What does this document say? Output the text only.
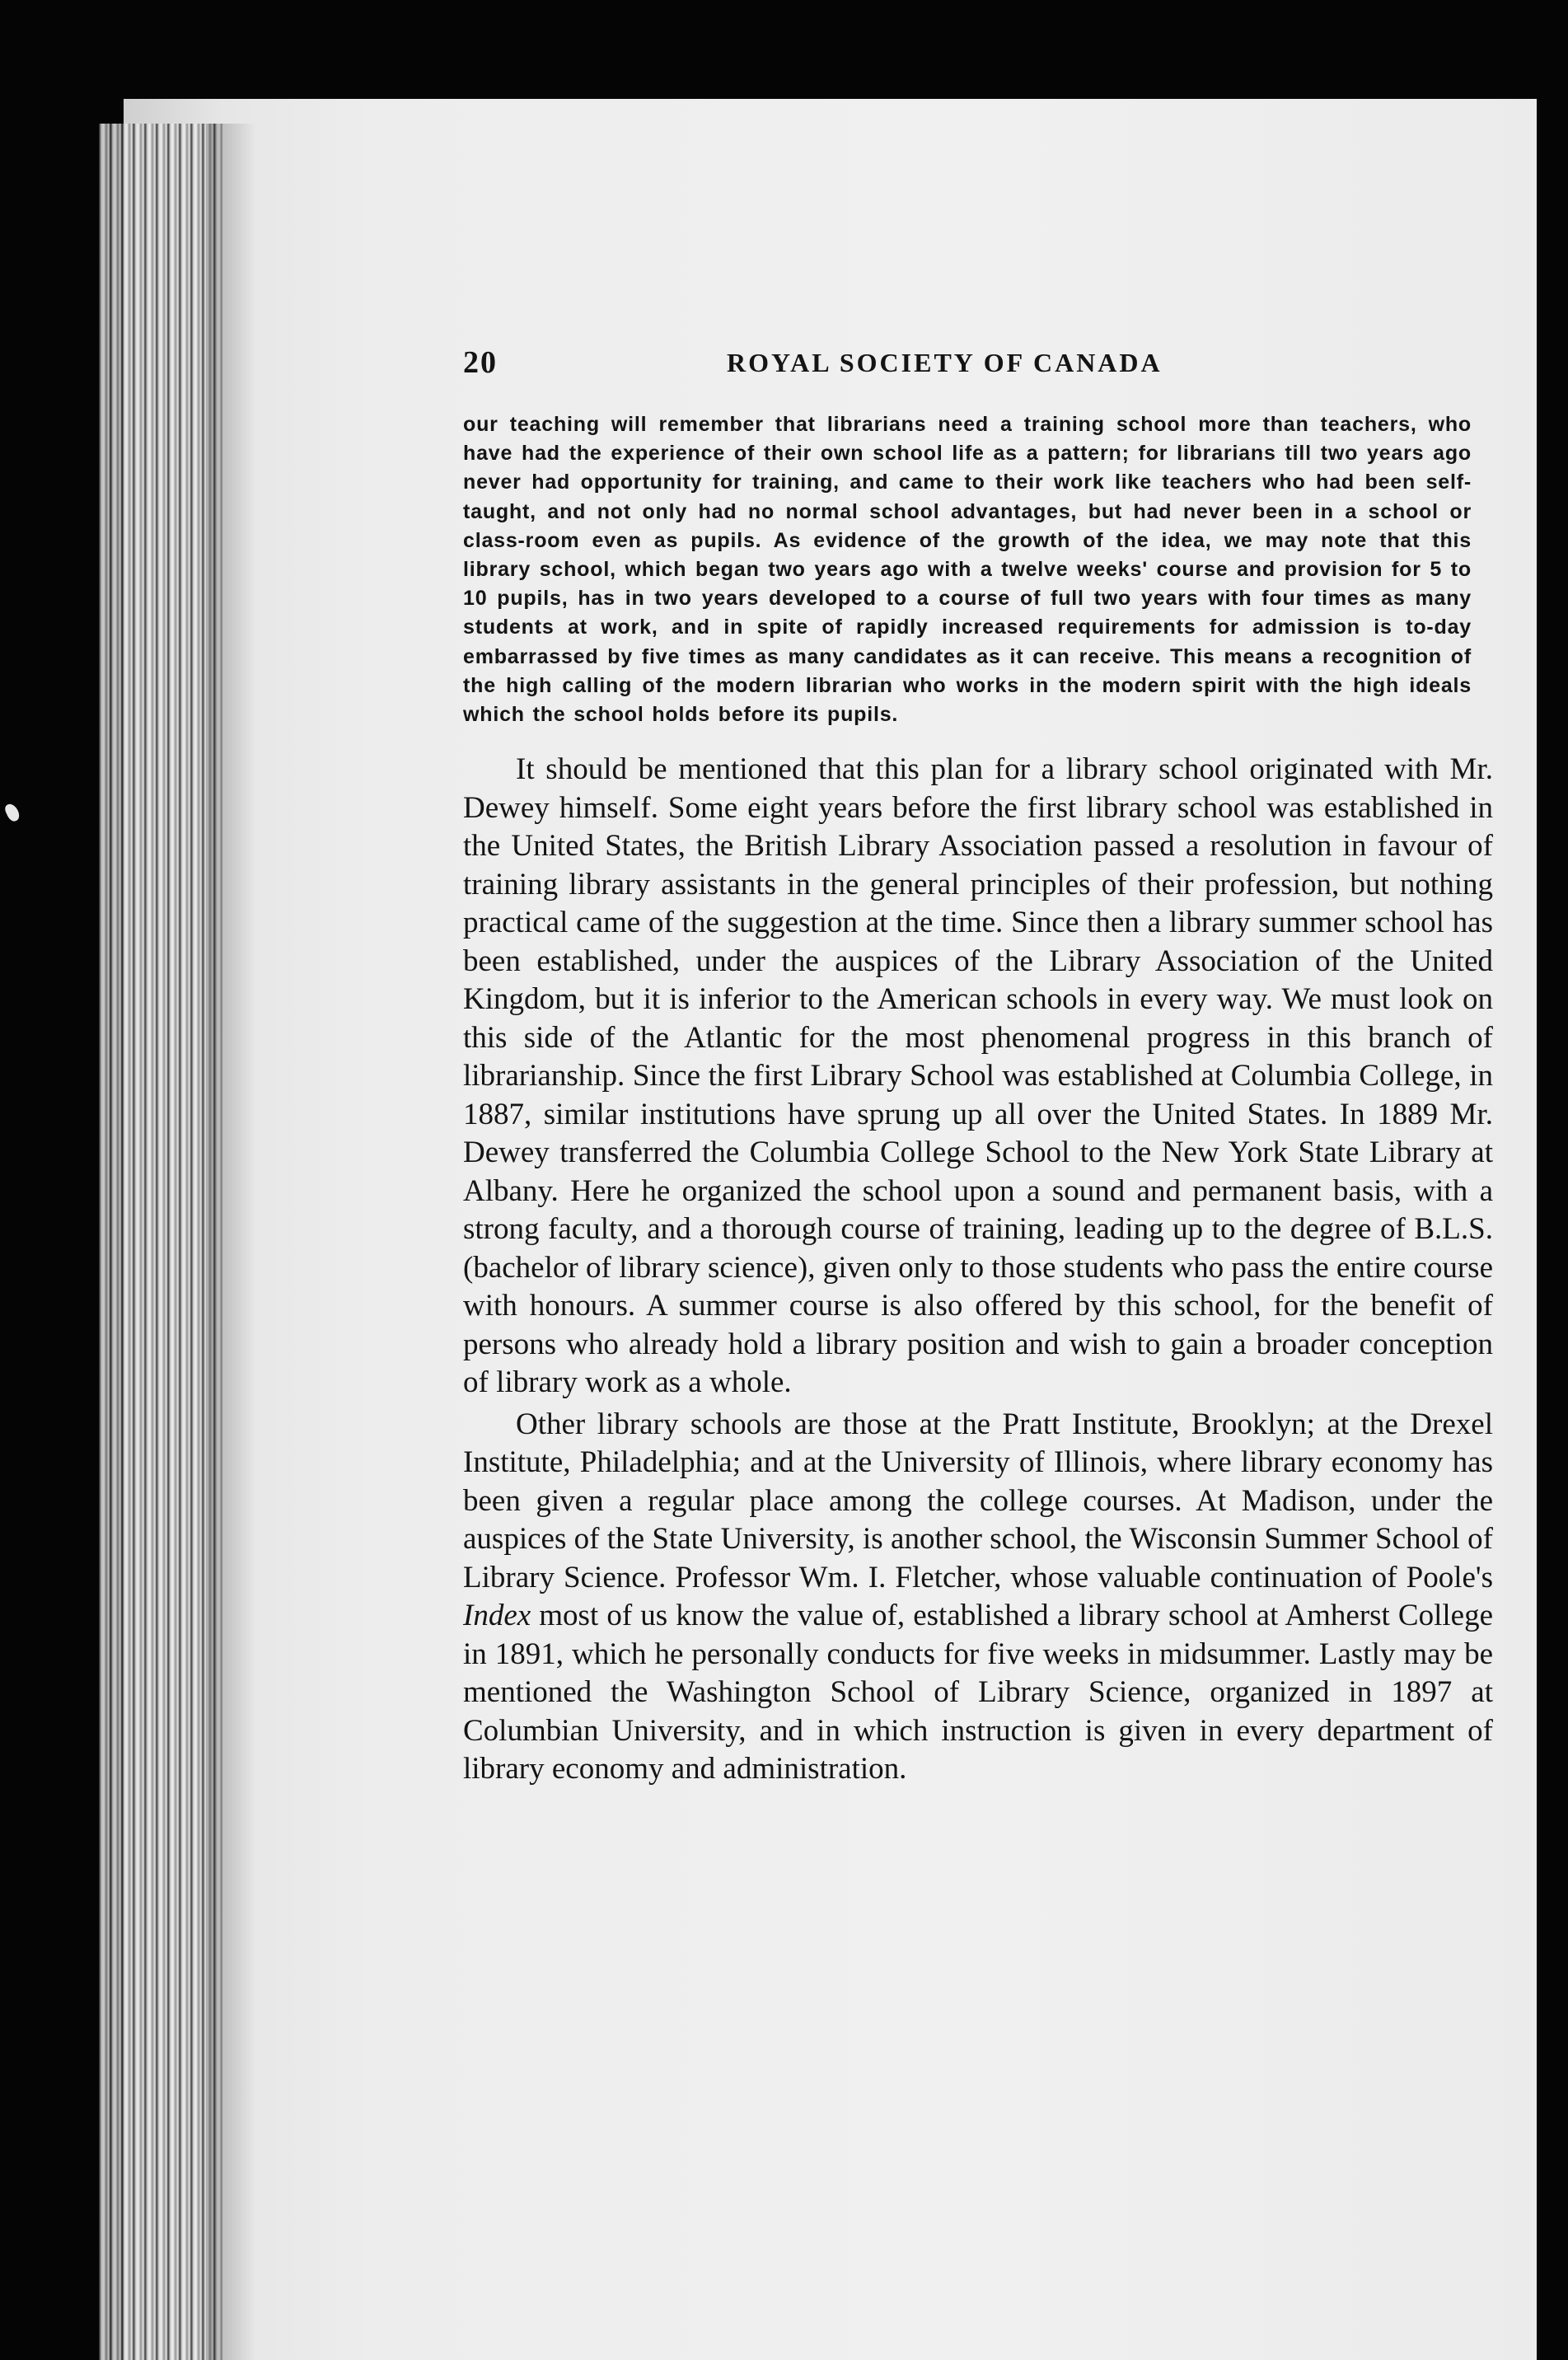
20	ROYAL SOCIETY OF CANADA
our teaching will remember that librarians need a training school more than teachers, who have had the experience of their own school life as a pattern; for librarians till two years ago never had opportunity for training, and came to their work like teachers who had been self-taught, and not only had no normal school advantages, but had never been in a school or class-room even as pupils. As evidence of the growth of the idea, we may note that this library school, which began two years ago with a twelve weeks' course and provision for 5 to 10 pupils, has in two years developed to a course of full two years with four times as many students at work, and in spite of rapidly increased requirements for admission is to-day embarrassed by five times as many candidates as it can receive. This means a recognition of the high calling of the modern librarian who works in the modern spirit with the high ideals which the school holds before its pupils.

It should be mentioned that this plan for a library school originated with Mr. Dewey himself. Some eight years before the first library school was established in the United States, the British Library Association passed a resolution in favour of training library assistants in the general principles of their profession, but nothing practical came of the suggestion at the time. Since then a library summer school has been established, under the auspices of the Library Association of the United Kingdom, but it is inferior to the American schools in every way. We must look on this side of the Atlantic for the most phenomenal progress in this branch of librarianship. Since the first Library School was established at Columbia College, in 1887, similar institutions have sprung up all over the United States. In 1889 Mr. Dewey transferred the Columbia College School to the New York State Library at Albany. Here he organized the school upon a sound and permanent basis, with a strong faculty, and a thorough course of training, leading up to the degree of B.L.S. (bachelor of library science), given only to those students who pass the entire course with honours. A summer course is also offered by this school, for the benefit of persons who already hold a library position and wish to gain a broader conception of library work as a whole.

Other library schools are those at the Pratt Institute, Brooklyn; at the Drexel Institute, Philadelphia; and at the University of Illinois, where library economy has been given a regular place among the college courses. At Madison, under the auspices of the State University, is another school, the Wisconsin Summer School of Library Science. Professor Wm. I. Fletcher, whose valuable continuation of Poole's Index most of us know the value of, established a library school at Amherst College in 1891, which he personally conducts for five weeks in midsummer. Lastly may be mentioned the Washington School of Library Science, organized in 1897 at Columbian University, and in which instruction is given in every department of library economy and administration.
